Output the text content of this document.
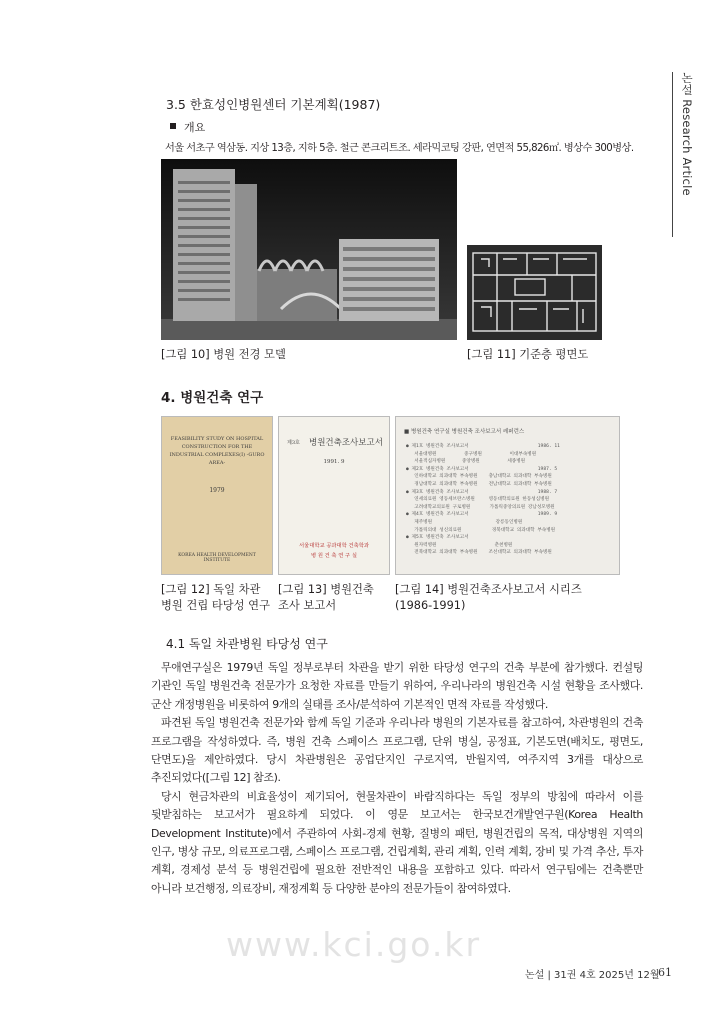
논설 Research Article
3.5 한효성인병원센터 기본계획(1987)
개요
서울 서초구 역삼동. 지상 13층, 지하 5층. 철근 콘크리트조. 세라믹코팅 강판, 연면적 55,826㎡. 병상수 300병상.
[그림 10] 병원 전경 모델	[그림 11] 기준층 평면도
4. 병원건축 연구
FEASIBILITY STUDY ON HOSPITAL CONSTRUCTION FOR THE INDUSTRIAL COMPLEXES(I) -GURO AREA-
1979
KOREA HEALTH DEVELOPMENT INSTITUTE
제3호	병원건축조사보고서
1991. 9
서울대학교 공과대학 건축학과
병 원 건 축 연 구 실
■ 병원건축 연구실 병원건축 조사보고서 레퍼런스
● 제1호 병원건축 조사보고서                         1986. 11
서울대병원          중구병원          이대부속병원
서울적십자병원      중앙병원          세종병원
● 제2호 병원건축 조사보고서                         1987. 5
인하대학교 의과대학 부속병원    충남대학교 의과대학 부속병원
경남대학교 의과대학 부속병원    전남대학교 의과대학 부속병원
● 제3호 병원건축 조사보고서                         1988. 7
연세의료원 영동세브란스병원     영동대학의료원 한동성심병원
고려대학교의료원 구로병원       가톨릭중앙의료원 강남성모병원
● 제4호 병원건축 조사보고서                         1989. 9
제주병원                       강릉동인병원
가톨릭의대 성신의료원           경북대학교 의과대학 부속병원
● 제5호 병원건축 조사보고서
원자력병원                     춘천병원
전북대학교 의과대학 부속병원    조선대학교 의과대학 부속병원
[그림 12] 독일 차관
병원 건립 타당성 연구
[그림 13] 병원건축
조사 보고서
[그림 14] 병원건축조사보고서 시리즈
(1986-1991)
4.1 독일 차관병원 타당성 연구

무애연구실은 1979년 독일 정부로부터 차관을 받기 위한 타당성 연구의 건축 부분에 참가했다. 컨설팅 기관인 독일 병원건축 전문가가 요청한 자료를 만들기 위하여, 우리나라의 병원건축 시설 현황을 조사했다. 군산 개정병원을 비롯하여 9개의 실태를 조사/분석하여 기본적인 면적 자료를 작성했다.

파견된 독일 병원건축 전문가와 함께 독일 기준과 우리나라 병원의 기본자료를 참고하여, 차관병원의 건축 프로그램을 작성하였다. 즉, 병원 건축 스페이스 프로그램, 단위 병실, 공정표, 기본도면(배치도, 평면도, 단면도)을 제안하였다. 당시 차관병원은 공업단지인 구로지역, 반월지역, 여주지역 3개를 대상으로 추진되었다([그림 12] 참조).

당시 현금차관의 비효율성이 제기되어, 현물차관이 바람직하다는 독일 정부의 방침에 따라서 이를 뒷받침하는 보고서가 필요하게 되었다. 이 영문 보고서는 한국보건개발연구원(Korea Health Development Institute)에서 주관하여 사회-경제 현황, 질병의 패턴, 병원건립의 목적, 대상병원 지역의 인구, 병상 규모, 의료프로그램, 스페이스 프로그램, 건립계획, 관리 계획, 인력 계획, 장비 및 가격 추산, 투자 계획, 경제성 분석 등 병원건립에 필요한 전반적인 내용을 포함하고 있다. 따라서 연구팀에는 건축뿐만 아니라 보건행정, 의료장비, 재정계획 등 다양한 분야의 전문가들이 참여하였다.

www.kci.go.kr
논설 | 31권 4호 2025년 12월
61
